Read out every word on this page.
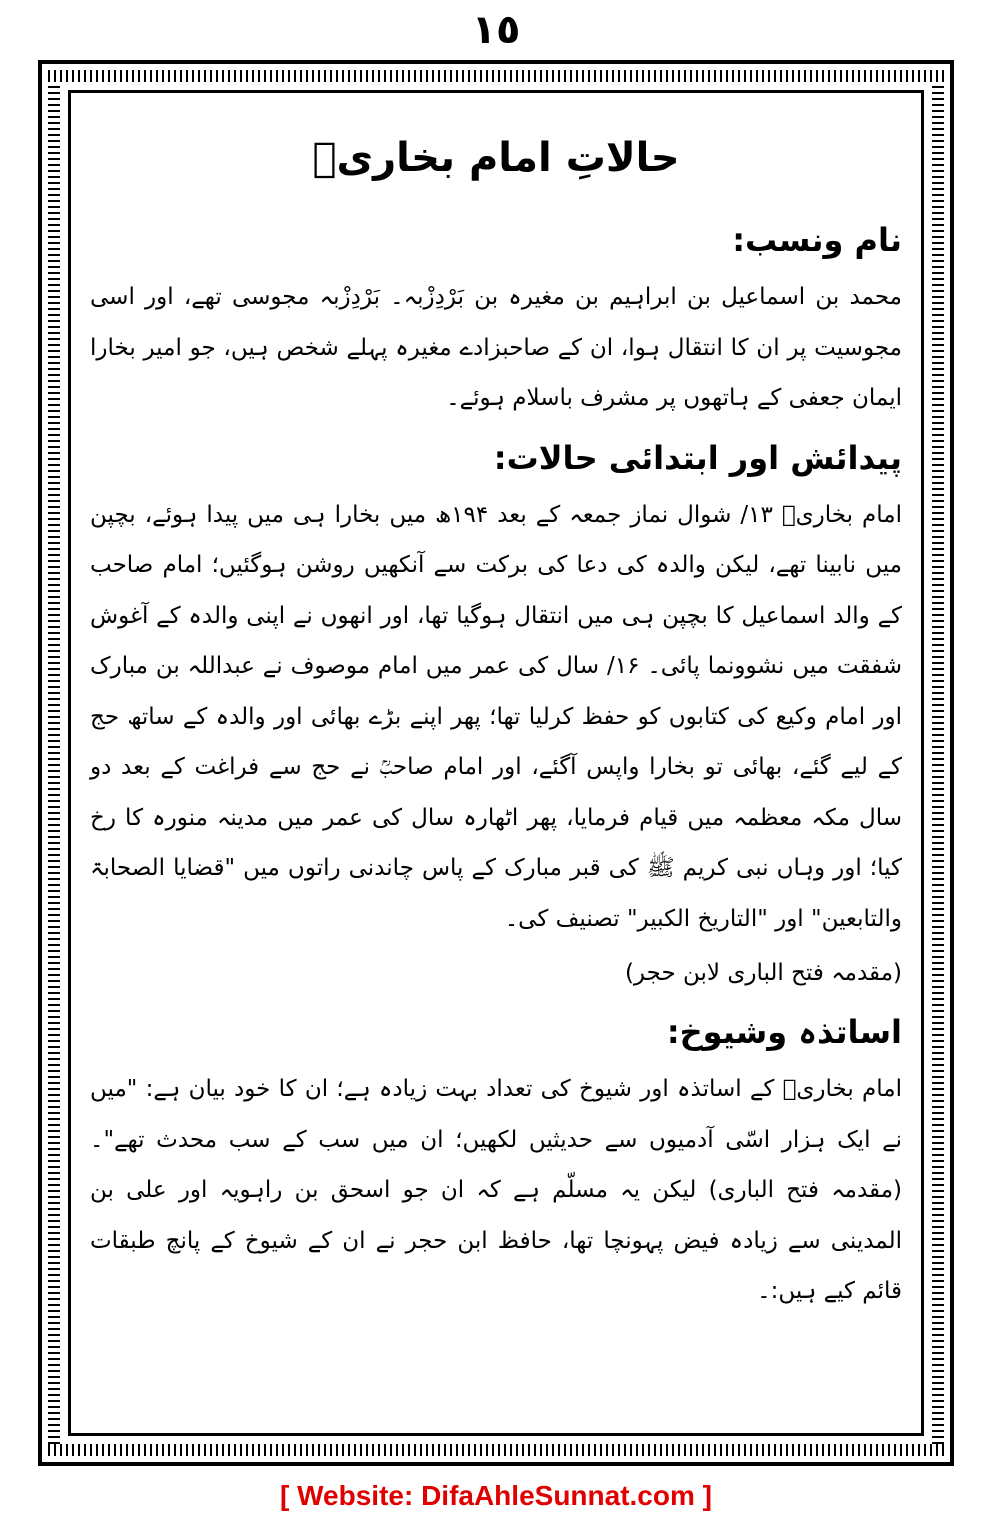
١٥
حالاتِ امام بخاریؒ
نام ونسب:

محمد بن اسماعیل بن ابراہیم بن مغیرہ بن بَرْدِزْبہ۔ بَرْدِزْبہ مجوسی تھے، اور اسی مجوسیت پر ان کا انتقال ہوا، ان کے صاحبزادے مغیرہ پہلے شخص ہیں، جو امیر بخارا ایمان جعفی کے ہاتھوں پر مشرف باسلام ہوئے۔

پیدائش اور ابتدائی حالات:

امام بخاریؒ ۱۳/ شوال نماز جمعہ کے بعد ۱۹۴ھ میں بخارا ہی میں پیدا ہوئے، بچپن میں نابینا تھے، لیکن والدہ کی دعا کی برکت سے آنکھیں روشن ہوگئیں؛ امام صاحب کے والد اسماعیل کا بچپن ہی میں انتقال ہوگیا تھا، اور انھوں نے اپنی والدہ کے آغوش شفقت میں نشوونما پائی۔ ۱۶/ سال کی عمر میں امام موصوف نے عبداللہ بن مبارک اور امام وکیع کی کتابوں کو حفظ کرلیا تھا؛ پھر اپنے بڑے بھائی اور والدہ کے ساتھ حج کے لیے گئے، بھائی تو بخارا واپس آگئے، اور امام صاحبؒ نے حج سے فراغت کے بعد دو سال مکہ معظمہ میں قیام فرمایا، پھر اٹھارہ سال کی عمر میں مدینہ منورہ کا رخ کیا؛ اور وہاں نبی کریم ﷺ کی قبر مبارک کے پاس چاندنی راتوں میں "قضایا الصحابۃ والتابعین" اور "التاریخ الکبیر" تصنیف کی۔

(مقدمہ فتح الباری لابن حجر)

اساتذہ وشیوخ:

امام بخاریؒ کے اساتذہ اور شیوخ کی تعداد بہت زیادہ ہے؛ ان کا خود بیان ہے: "میں نے ایک ہزار اسّی آدمیوں سے حدیثیں لکھیں؛ ان میں سب کے سب محدث تھے"۔ (مقدمہ فتح الباری) لیکن یہ مسلّم ہے کہ ان جو اسحق بن راہویہ اور علی بن المدینی سے زیادہ فیض پہونچا تھا، حافظ ابن حجر نے ان کے شیوخ کے پانچ طبقات قائم کیے ہیں:۔

[ Website: DifaAhleSunnat.com ]
